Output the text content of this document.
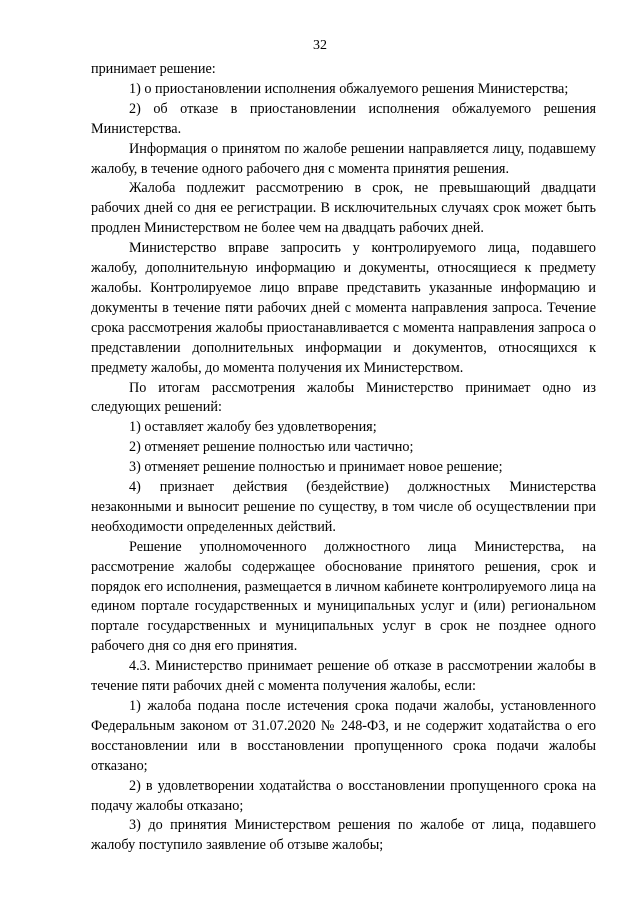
32

принимает решение:

1) о приостановлении исполнения обжалуемого решения Министерства;

2) об отказе в приостановлении исполнения обжалуемого решения Министерства.

Информация о принятом по жалобе решении направляется лицу, подавшему жалобу, в течение одного рабочего дня с момента принятия решения.

Жалоба подлежит рассмотрению в срок, не превышающий двадцати рабочих дней со дня ее регистрации. В исключительных случаях срок может быть продлен Министерством не более чем на двадцать рабочих дней.

Министерство вправе запросить у контролируемого лица, подавшего жалобу, дополнительную информацию и документы, относящиеся к предмету жалобы. Контролируемое лицо вправе представить указанные информацию и документы в течение пяти рабочих дней с момента направления запроса. Течение срока рассмотрения жалобы приостанавливается с момента направления запроса о представлении дополнительных информации и документов, относящихся к предмету жалобы, до момента получения их Министерством.

По итогам рассмотрения жалобы Министерство принимает одно из следующих решений:

1) оставляет жалобу без удовлетворения;

2) отменяет решение полностью или частично;

3) отменяет решение полностью и принимает новое решение;

4) признает действия (бездействие) должностных Министерства незаконными и выносит решение по существу, в том числе об осуществлении при необходимости определенных действий.

Решение уполномоченного должностного лица Министерства, на рассмотрение жалобы содержащее обоснование принятого решения, срок и порядок его исполнения, размещается в личном кабинете контролируемого лица на едином портале государственных и муниципальных услуг и (или) региональном портале государственных и муниципальных услуг в срок не позднее одного рабочего дня со дня его принятия.

4.3. Министерство принимает решение об отказе в рассмотрении жалобы в течение пяти рабочих дней с момента получения жалобы, если:

1) жалоба подана после истечения срока подачи жалобы, установленного Федеральным законом от 31.07.2020 № 248-ФЗ, и не содержит ходатайства о его восстановлении или в восстановлении пропущенного срока подачи жалобы отказано;

2) в удовлетворении ходатайства о восстановлении пропущенного срока на подачу жалобы отказано;

3) до принятия Министерством решения по жалобе от лица, подавшего жалобу поступило заявление об отзыве жалобы;
